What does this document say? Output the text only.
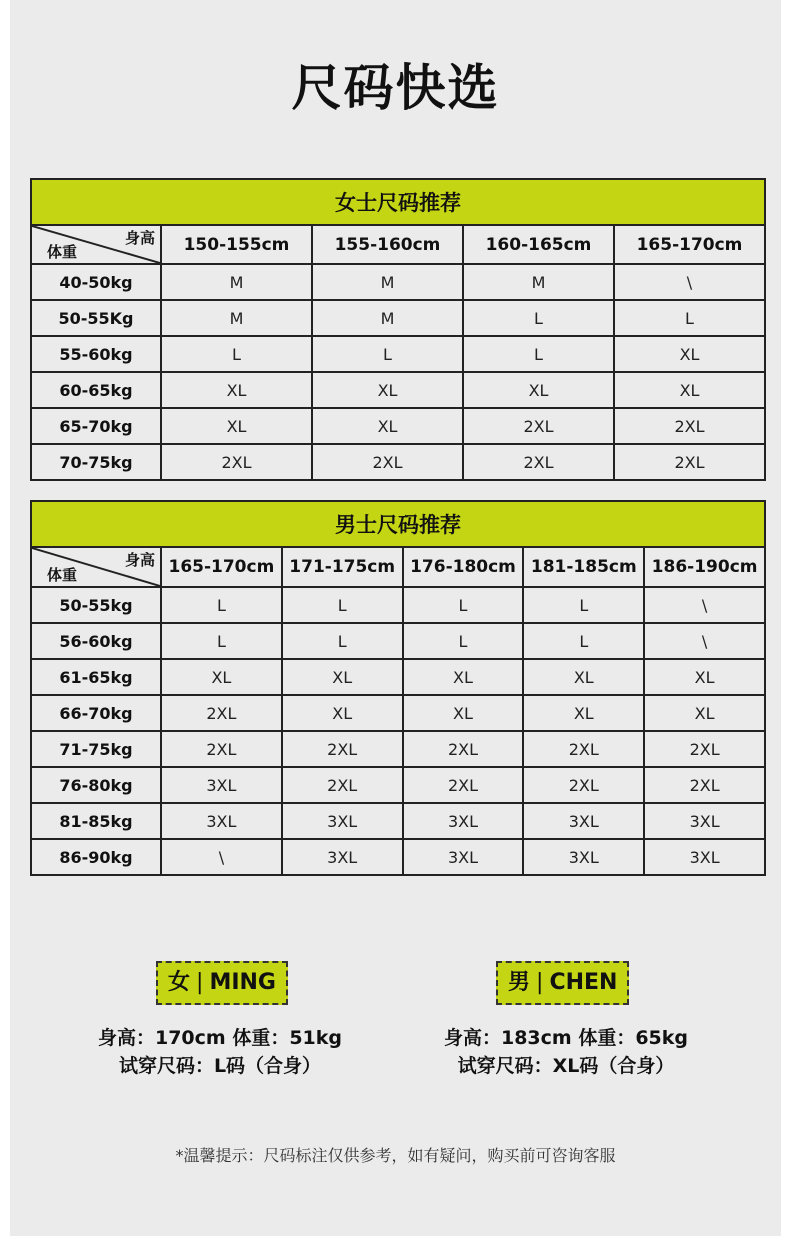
尺码快选
女士尺码推荐				

身高
体重	150-155cm	155-160cm	160-165cm	165-170cm
40-50kg	M	M	M	\
50-55Kg	M	M	L	L
55-60kg	L	L	L	XL
60-65kg	XL	XL	XL	XL
65-70kg	XL	XL	2XL	2XL
70-75kg	2XL	2XL	2XL	2XL
男士尺码推荐					

身高
体重	165-170cm	171-175cm	176-180cm	181-185cm	186-190cm
50-55kg	L	L	L	L	\
56-60kg	L	L	L	L	\
61-65kg	XL	XL	XL	XL	XL
66-70kg	2XL	XL	XL	XL	XL
71-75kg	2XL	2XL	2XL	2XL	2XL
76-80kg	3XL	2XL	2XL	2XL	2XL
81-85kg	3XL	3XL	3XL	3XL	3XL
86-90kg	\	3XL	3XL	3XL	3XL
女 | MING
身高：170cm 体重：51kg
试穿尺码：L码（合身）
男 | CHEN
身高：183cm 体重：65kg
试穿尺码：XL码（合身）
*温馨提示：尺码标注仅供参考，如有疑问，购买前可咨询客服
